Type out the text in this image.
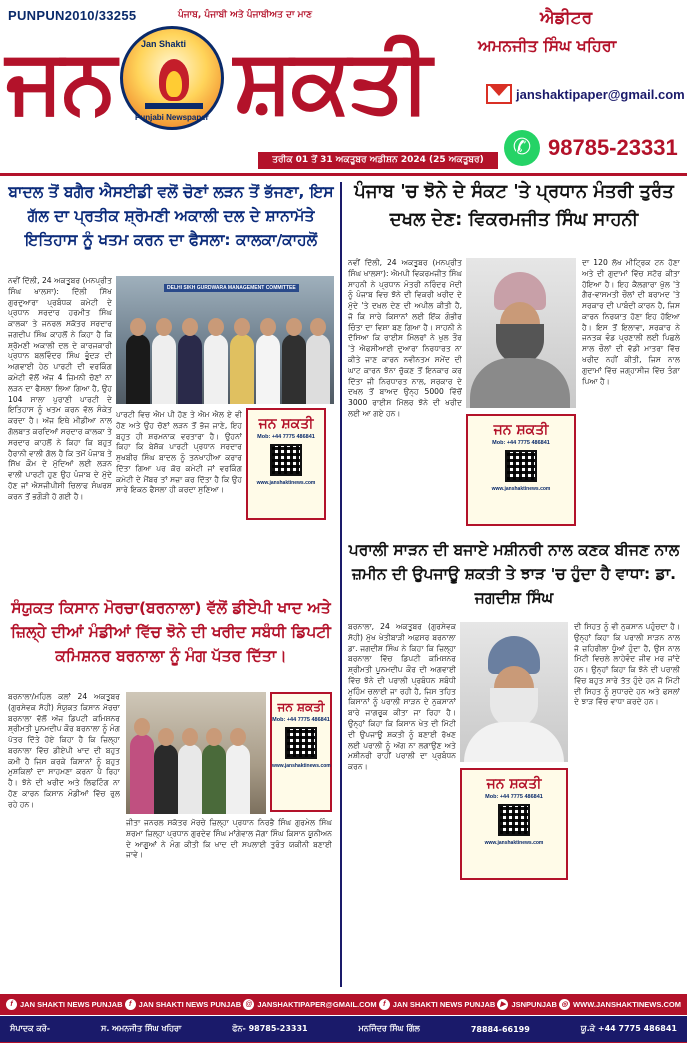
PUNPUN2010/33255	ਪੰਜਾਬ, ਪੰਜਾਬੀ ਅਤੇ ਪੰਜਾਬੀਅਤ ਦਾ ਮਾਣ
ਜਨ ਸ਼ਕਤੀ
Jan Shakti
Punjabi Newspaper
ਐਡੀਟਰ
ਅਮਨਜੀਤ ਸਿੰਘ ਖਹਿਰਾ
janshaktipaper@gmail.com
✆ 98785-23331
ਤਰੀਕ 01 ਤੋਂ 31 ਅਕਤੂਬਰ ਅਡੀਸ਼ਨ 2024 (25 ਅਕਤੂਬਰ)
ਬਾਦਲ ਤੋਂ ਬਗੈਰ ਐਸਈਡੀ ਵਲੋਂ ਚੋਣਾਂ ਲੜਨ ਤੋਂ ਭੱਜਣਾ, ਇਸ ਗੱਲ ਦਾ ਪ੍ਰਤੀਕ ਸ਼੍ਰੋਮਣੀ ਅਕਾਲੀ ਦਲ ਦੇ ਸ਼ਾਨਾਮੱਤੇ ਇਤਿਹਾਸ ਨੂੰ ਖਤਮ ਕਰਨ ਦਾ ਫੈਸਲਾ: ਕਾਲਕਾ/ਕਾਹਲੋਂ
DELHI SIKH GURDWARA MANAGEMENT COMMITTEE

ਨਵੀਂ ਦਿੱਲੀ, 24 ਅਕਤੂਬਰ (ਮਨਪ੍ਰੀਤ ਸਿੰਘ ਖਾਲਸਾ): ਦਿੱਲੀ ਸਿੱਖ ਗੁਰਦੁਆਰਾ ਪ੍ਰਬੰਧਕ ਕਮੇਟੀ ਦੇ ਪ੍ਰਧਾਨ ਸਰਦਾਰ ਹਰਮੀਤ ਸਿੰਘ ਕਾਲਕਾ ਤੇ ਜਨਰਲ ਸਕੱਤਰ ਸਰਦਾਰ ਜਗਦੀਪ ਸਿੰਘ ਕਾਹਲੋਂ ਨੇ ਕਿਹਾ ਹੈ ਕਿ ਸ਼੍ਰੋਮਣੀ ਅਕਾਲੀ ਦਲ ਦੇ ਕਾਰਜਕਾਰੀ ਪ੍ਰਧਾਨ ਬਲਵਿੰਦਰ ਸਿੰਘ ਭੂੰਦੜ ਦੀ ਅਗਵਾਈ ਹੇਠ ਪਾਰਟੀ ਦੀ ਵਰਕਿੰਗ ਕਮੇਟੀ ਵੱਲੋਂ ਅੱਜ 4 ਜ਼ਿਮਨੀ ਚੋਣਾਂ ਨਾ ਲੜਨ ਦਾ ਫੈਸਲਾ ਲਿਆ ਗਿਆ ਹੈ, ਉਹ 104 ਸਾਲਾ ਪੁਰਾਣੀ ਪਾਰਟੀ ਦੇ ਇਤਿਹਾਸ ਨੂੰ ਖਤਮ ਕਰਨ ਵੱਲ ਸੰਕੇਤ ਕਰਦਾ ਹੈ। ਅੱਜ ਇਥੇ ਮੀਡੀਆ ਨਾਲ ਗੱਲਬਾਤ ਕਰਦਿਆਂ ਸਰਦਾਰ ਕਾਲਕਾ ਤੇ ਸਰਦਾਰ ਕਾਹਲੋਂ ਨੇ ਕਿਹਾ ਕਿ ਬਹੁਤ ਹੈਰਾਨੀ ਵਾਲੀ ਗੱਲ ਹੈ ਕਿ ਤਮੋਂ ਪੰਜਾਬ ਤੇ ਸਿੱਖ ਕੌਮ ਦੇ ਮੁੱਦਿਆਂ ਲਈ ਲੜਨ ਵਾਲੀ ਪਾਰਟੀ ਹੁਣ ਉਹ ਪੰਜਾਬ ਦੇ ਮੁੱਦੇ ਹੋਣ ਜਾਂ ਐਸਜੀਪੀਸੀ ਚਿਲਾਫ ਸੰਘਰਸ਼ ਕਰਨ ਤੋਂ ਭਗੌੜੀ ਹੋ ਗਈ ਹੈ।

ਜਨ ਸ਼ਕਤੀ
Mob: +44 7775 486841
www.janshaktinews.com

ਪਾਰਟੀ ਵਿਚ ਐਮ ਪੀ ਹੋਣ ਤੇ ਐਮ ਐਲ ਏ ਵੀ ਹੋਣ ਅਤੇ ਉਹ ਚੋਣਾਂ ਲੜਨ ਤੋਂ ਭੱਜ ਜਾਣੇ, ਇਹ ਬਹੁਤ ਹੀ ਸ਼ਰਮਨਾਕ ਵਰਤਾਰਾ ਹੈ। ਉਹਨਾਂ ਕਿਹਾ ਕਿ ਬੇਸ਼ੱਕ ਪਾਰਟੀ ਪ੍ਰਧਾਨ ਸਰਦਾਰ ਸੁਖਬੀਰ ਸਿੰਘ ਬਾਦਲ ਨੂੰ ਤਨਖਾਹੀਆ ਕਰਾਰ ਦਿੱਤਾ ਗਿਆ ਪਰ ਕੋਰ ਕਮੇਟੀ ਜਾਂ ਵਰਕਿੰਗ ਕਮੇਟੀ ਦੇ ਮੈਂਬਰ ਤਾਂ ਸਜ਼ਾ ਕਰ ਦਿੱਤਾ ਹੈ ਕਿ ਉਹ ਸਾਰੇ ਇਕਠ ਫੈਸਲਾ ਹੀ ਕਰਦਾ ਸੁਣਿਆ।

ਸੰਯੁਕਤ ਕਿਸਾਨ ਮੋਰਚਾ(ਬਰਨਾਲਾ) ਵੱਲੋਂ ਡੀਏਪੀ ਖਾਦ ਅਤੇ ਜ਼ਿਲ੍ਹੇ ਦੀਆਂ ਮੰਡੀਆਂ ਵਿੱਚ ਝੋਨੇ ਦੀ ਖਰੀਦ ਸਬੰਧੀ ਡਿਪਟੀ ਕਮਿਸ਼ਨਰ ਬਰਨਾਲਾ ਨੂੰ ਮੰਗ ਪੱਤਰ ਦਿੱਤਾ।

ਬਰਨਾਲਾ/ਮਹਿਲ ਕਲਾਂ 24 ਅਕਤੂਬਰ (ਗੁਰਸੇਵਕ ਸੋਹੀ) ਸੰਯੁਕਤ ਕਿਸਾਨ ਮੋਰਚਾ ਬਰਨਾਲਾ ਵੱਲੋਂ ਅੱਜ ਡਿਪਟੀ ਕਮਿਸ਼ਨਰ ਸ਼੍ਰੀਮਤੀ ਪੂਨਮਦੀਪ ਕੌਰ ਬਰਨਾਲਾ ਨੂੰ ਮੰਗ ਪੱਤਰ ਦਿੱਤੇ ਹੋਏ ਕਿਹਾ ਹੈ ਕਿ ਜ਼ਿਲ੍ਹਾ ਬਰਨਾਲਾ ਵਿੱਚ ਡੀਏਪੀ ਖਾਦ ਦੀ ਬਹੁਤ ਕਮੀ ਹੈ ਜਿਸ ਕਰਕੇ ਕਿਸਾਨਾਂ ਨੂੰ ਬਹੁਤ ਮੁਸ਼ਕਿਲਾਂ ਦਾ ਸਾਹਮਣਾ ਕਰਨਾ ਪੈ ਰਿਹਾ ਹੈ। ਝੋਨੇ ਦੀ ਖਰੀਦ ਅਤੇ ਲਿਫਟਿੰਗ ਨਾ ਹੋਣ ਕਾਰਨ ਕਿਸਾਨ ਮੰਡੀਆਂ ਵਿੱਚ ਰੁਲ ਰਹੇ ਹਨ।

ਜਨ ਸ਼ਕਤੀ
Mob: +44 7775 486841
www.janshaktinews.com

ਜੀਤਾ ਜਨਰਲ ਸਕੱਤਰ ਮੋਰਚੇ ਜ਼ਿਲ੍ਹਾ ਪ੍ਰਧਾਨ ਨਿਰਭੈ ਸਿੰਘ ਗੁਰਮੇਲ ਸਿੰਘ ਸ਼ਰਮਾ ਜ਼ਿਲ੍ਹਾ ਪ੍ਰਧਾਨ ਗੁਰਦੇਵ ਸਿੰਘ ਮਾਂਗੇਵਾਲ ਜੋਗਾ ਸਿੰਘ ਕਿਸਾਨ ਯੂਨੀਅਨ ਦੇ ਆਗੂਆਂ ਨੇ ਮੰਗ ਕੀਤੀ ਕਿ ਖਾਦ ਦੀ ਸਪਲਾਈ ਤੁਰੰਤ ਯਕੀਨੀ ਬਣਾਈ ਜਾਵੇ।

ਪੰਜਾਬ 'ਚ ਝੋਨੇ ਦੇ ਸੰਕਟ 'ਤੇ ਪ੍ਰਧਾਨ ਮੰਤਰੀ ਤੁਰੰਤ ਦਖਲ ਦੇਣ: ਵਿਕਰਮਜੀਤ ਸਿੰਘ ਸਾਹਨੀ

ਨਵੀਂ ਦਿੱਲੀ, 24 ਅਕਤੂਬਰ (ਮਨਪ੍ਰੀਤ ਸਿੰਘ ਖਾਲਸਾ): ਐਮਪੀ ਵਿਕਰਮਜੀਤ ਸਿੰਘ ਸਾਹਨੀ ਨੇ ਪ੍ਰਧਾਨ ਮੰਤਰੀ ਨਰਿੰਦਰ ਮੋਦੀ ਨੂੰ ਪੰਜਾਬ ਵਿਚ ਝੋਨੇ ਦੀ ਵਿਕਰੀ ਖਰੀਦ ਦੇ ਮੁੱਦੇ 'ਤੇ ਦਖ਼ਲ ਦੇਣ ਦੀ ਅਪੀਲ ਕੀਤੀ ਹੈ, ਜੋ ਕਿ ਸਾਰੇ ਕਿਸਾਨਾਂ ਲਈ ਇੱਕ ਗੰਭੀਰ ਚਿੰਤਾ ਦਾ ਵਿਸ਼ਾ ਬਣ ਗਿਆ ਹੈ। ਸਾਹਨੀ ਨੇ ਦੱਸਿਆ ਕਿ ਰਾਈਸ ਮਿੱਲਰਾਂ ਨੇ ਖੁਲ ਤੌਰ 'ਤੇ ਐਫਸੀਆਈ ਦੁਆਰਾ ਨਿਰਧਾਰਤ ਨਾ ਕੀਤੇ ਜਾਣ ਕਾਰਨ ਨਵੀਨਤਮ ਸਮੇਂਦ ਦੀ ਘਾਟ ਕਾਰਨ ਝੋਨਾ ਚੁੱਕਣ ਤੋਂ ਇਨਕਾਰ ਕਰ ਦਿੱਤਾ ਜੀ ਨਿਰਧਾਰਤ ਨਾਲ, ਸਰਕਾਰ ਦੇ ਦਖ਼ਲ ਤੋਂ ਬਾਅਦ ਉਨ੍ਹ 5000 ਵਿੱਚੋਂ 3000 ਰਾਈਸ ਮਿੱਲਰ ਝੋਨੇ ਦੀ ਖਰੀਦ ਲਈ ਆ ਗਏ ਹਨ।

ਜਨ ਸ਼ਕਤੀ
Mob: +44 7775 486841
www.janshaktinews.com

ਦਾ 120 ਲੱਖ ਮੀਟ੍ਰਿਕ ਟਨ ਹੋਣਾ ਅਤੇ ਦੀ ਗੁਦਾਮਾਂ ਵਿੱਚ ਸਟੋਰ ਕੀਤਾ ਹੋਇਆ ਹੈ। ਇਹ ਕੈਲਗਾਰਾ ਖੁੱਲ 'ਤੇ ਗੈਰ-ਵਾਸਮਤੀ ਚੌਲਾਂ ਦੀ ਬਰਾਮਦ 'ਤੇ ਸਰਕਾਰ ਦੀ ਪਾਬੰਦੀ ਕਾਰਨ ਹੈ, ਜਿਸ ਕਾਰਨ ਨਿਰਯਾਤ ਹੋਣਾ ਇਹ ਹੋਇਆ ਹੈ। ਇਸ ਤੋਂ ਇਲਾਵਾ, ਸਰਕਾਰ ਨੇ ਜਨਤਕ ਵੰਡ ਪ੍ਰਣਾਲੀ ਲਈ ਪਿਛਲੇ ਸਾਲ ਚੌਲਾਂ ਦੀ ਵੱਡੀ ਮਾਤਰਾ ਵਿੱਚ ਖਰੀਦ ਨਹੀਂ ਕੀਤੀ, ਜਿਸ ਨਾਲ ਗੁਦਾਮਾਂ ਵਿੱਚ ਜਗ੍ਹਾਸੀਜ ਵਿੱਚ ਤੰਗਾ ਪਿਆ ਹੈ।

ਪਰਾਲੀ ਸਾੜਨ ਦੀ ਬਜਾਏ ਮਸ਼ੀਨਰੀ ਨਾਲ ਕਣਕ ਬੀਜਣ ਨਾਲ ਜ਼ਮੀਨ ਦੀ ਉਪਜਾਊ ਸ਼ਕਤੀ ਤੇ ਝਾੜ 'ਚ ਹੁੰਦਾ ਹੈ ਵਾਧਾ: ਡਾ. ਜਗਦੀਸ਼ ਸਿੰਘ

ਬਰਨਾਲਾ, 24 ਅਕਤੂਬਰ (ਗੁਰਸੇਵਕ ਸੋਹੀ) ਮੁੱਖ ਖੇਤੀਬਾੜੀ ਅਫ਼ਸਰ ਬਰਨਾਲਾ ਡਾ. ਜਗਦੀਸ਼ ਸਿੰਘ ਨੇ ਕਿਹਾ ਕਿ ਜ਼ਿਲ੍ਹਾ ਬਰਨਾਲਾ ਵਿੱਚ ਡਿਪਟੀ ਕਮਿਸ਼ਨਰ ਸ਼੍ਰੀਮਤੀ ਪੂਨਮਦੀਪ ਕੌਰ ਦੀ ਅਗਵਾਈ ਵਿੱਚ ਝੋਨੇ ਦੀ ਪਰਾਲੀ ਪ੍ਰਬੰਧਨ ਸਬੰਧੀ ਮੁਹਿੰਮ ਚਲਾਈ ਜਾ ਰਹੀ ਹੈ, ਜਿਸ ਤਹਿਤ ਕਿਸਾਨਾਂ ਨੂੰ ਪਰਾਲੀ ਸਾੜਨ ਦੇ ਨੁਕਸਾਨਾਂ ਬਾਰੇ ਜਾਗਰੂਕ ਕੀਤਾ ਜਾ ਰਿਹਾ ਹੈ। ਉਨ੍ਹਾਂ ਕਿਹਾ ਕਿ ਕਿਸਾਨ ਖੇਤ ਦੀ ਮਿੱਟੀ ਦੀ ਉਪਜਾਊ ਸ਼ਕਤੀ ਨੂੰ ਬਣਾਈ ਰੱਖਣ ਲਈ ਪਰਾਲੀ ਨੂੰ ਅੱਗ ਨਾ ਲਗਾਉਣ ਅਤੇ ਮਸ਼ੀਨਰੀ ਰਾਹੀਂ ਪਰਾਲੀ ਦਾ ਪ੍ਰਬੰਧਨ ਕਰਨ।

ਜਨ ਸ਼ਕਤੀ
Mob: +44 7775 486841
www.janshaktinews.com

ਦੀ ਸਿਹਤ ਨੂੰ ਵੀ ਨੁਕਸਾਨ ਪਹੁੰਚਦਾ ਹੈ। ਉਨ੍ਹਾਂ ਕਿਹਾ ਕਿ ਪਰਾਲੀ ਸਾੜਨ ਨਾਲ ਜੋ ਜ਼ਹਿਰੀਲਾ ਧੂੰਆਂ ਹੁੰਦਾ ਹੈ, ਉਸ ਨਾਲ ਮਿੱਟੀ ਵਿਚਲੇ ਲਾਹੇਵੰਦ ਜੀਵ ਮਰ ਜਾਂਦੇ ਹਨ। ਉਨ੍ਹਾਂ ਕਿਹਾ ਕਿ ਝੋਨੇ ਦੀ ਪਰਾਲੀ ਵਿੱਚ ਬਹੁਤ ਸਾਰੇ ਤੱਤ ਹੁੰਦੇ ਹਨ ਜੋ ਮਿੱਟੀ ਦੀ ਸਿਹਤ ਨੂੰ ਸੁਧਾਰਦੇ ਹਨ ਅਤੇ ਫਸਲਾਂ ਦੇ ਝਾੜ ਵਿੱਚ ਵਾਧਾ ਕਰਦੇ ਹਨ।

f JAN SHAKTI NEWS PUNJAB f JAN SHAKTI NEWS PUNJAB @ JANSHAKTIPAPER@GMAIL.COM f JAN SHAKTI NEWS PUNJAB ▶ JSNPUNJAB ◎ WWW.JANSHAKTINEWS.COM
ਸੰਪਾਦਕ ਕਰੋ-	ਸ. ਅਮਨਜੀਤ ਸਿੰਘ ਖਹਿਰਾ	ਫੋਨ- 98785-23331	ਮਨਜਿੰਦਰ ਸਿੰਘ ਗਿੱਲ	78884-66199	ਯੂ.ਕੇ +44 7775 486841
